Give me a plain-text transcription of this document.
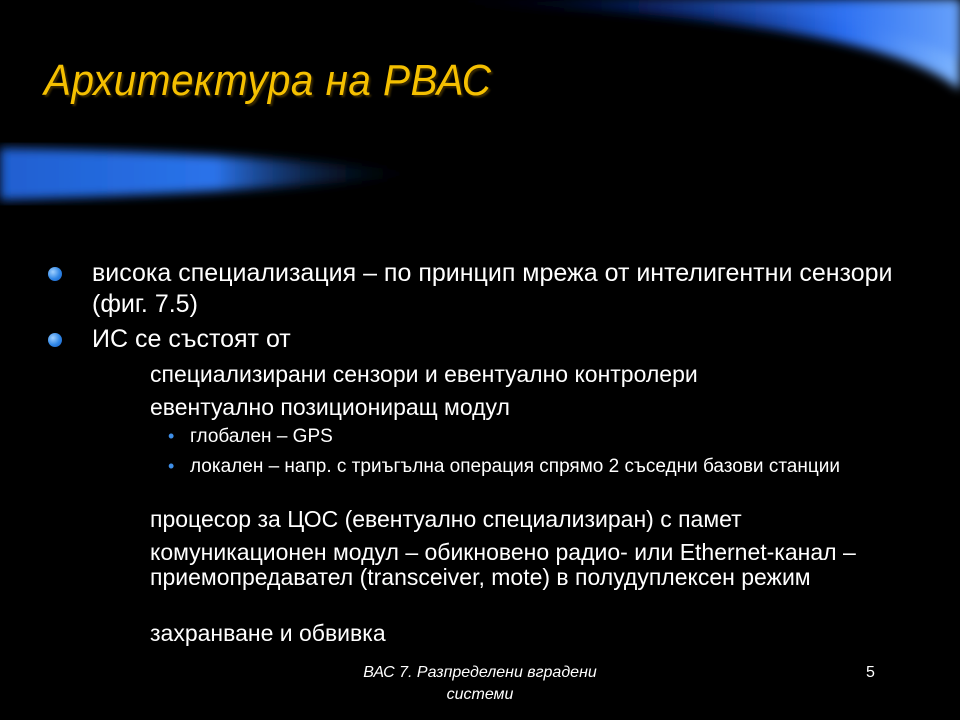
Архитектура на РВАС
висока специализация – по принцип мрежа от интелигентни сензори (фиг. 7.5)
ИС се състоят от
специализирани сензори и евентуално контролери
евентуално позициониращ модул
• глобален – GPS
• локален – напр. с триъгълна операция спрямо 2 съседни базови станции
процесор за ЦОС (евентуално специализиран) с памет
комуникационен модул – обикновено радио- или Ethernet-канал – приемопредавател (transceiver, mote) в полудуплексен режим
захранване и обвивка
ВАС 7. Разпределени вградени системи
5
